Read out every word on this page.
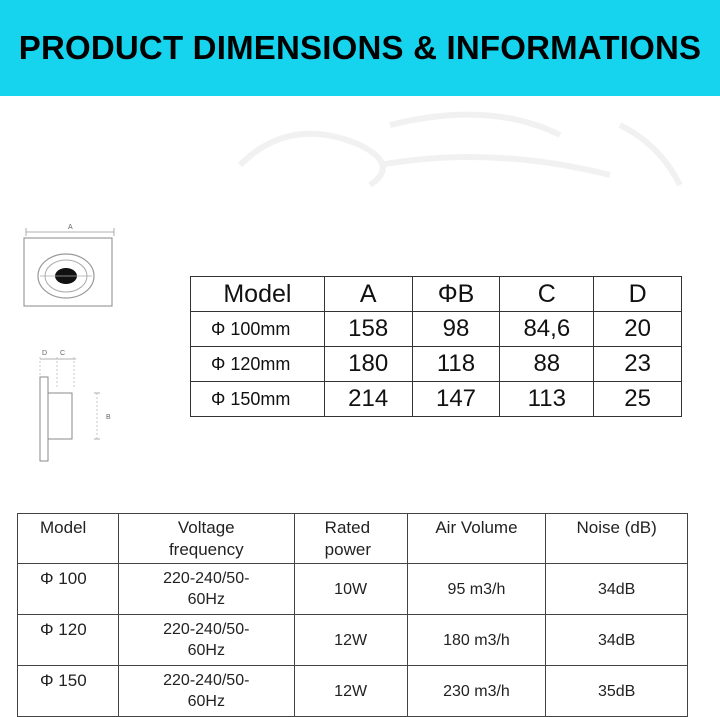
PRODUCT DIMENSIONS & INFORMATIONS
A
D C
B
Model	A	ΦB	C	D
Φ 100mm	158	98	84,6	20
Φ 120mm	180	118	88	23
Φ 150mm	214	147	113	25
Model	Voltage frequency	Rated power	Air Volume	Noise (dB)
Φ 100	220-240/50-60Hz	10W	95 m3/h	34dB
Φ 120	220-240/50-60Hz	12W	180 m3/h	34dB
Φ 150	220-240/50-60Hz	12W	230 m3/h	35dB
